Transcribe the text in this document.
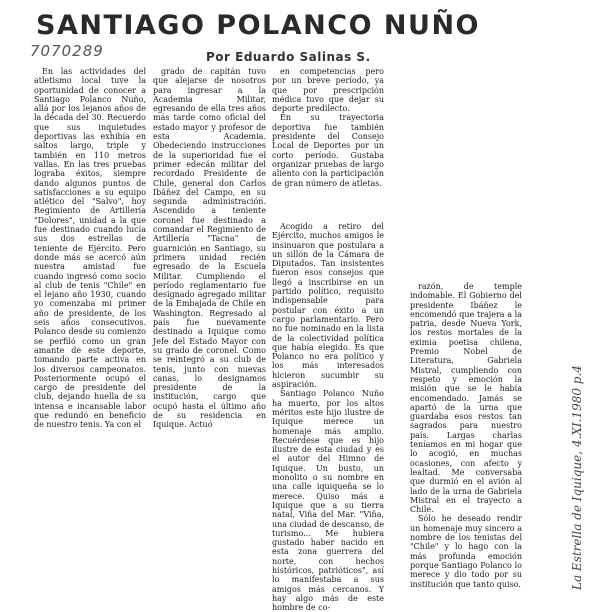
SANTIAGO POLANCO NUÑO
7070289	Por Eduardo Salinas S.

En las actividades del atletismo local tuve la oportunidad de conocer a Santiago Polanco Nuño, allá por los lejanos años de la década del 30. Recuerdo que sus inquietudes deportivas las exhibía en saltos largo, triple y también en 110 metros vallas. En las tres pruebas lograba éxitos, siempre dando algunos puntos de satisfacciones a su equipo atlético del "Salvo", hoy Regimiento de Artillería "Dolores", unidad a la que fue destinado cuando lucía sus dos estrellas de teniente de Ejército. Pero donde más se acercó aún nuestra amistad fue cuando ingresó como socio al club de tenis "Chile" en el lejano año 1930, cuando yo comenzaba mi primer año de presidente, de los seis años consecutivos. Polanco desde su comienzo se perfiló como un gran amante de este deporte, tomando parte activa en los diversos campeonatos. Posteriormente ocupó el cargo de presidente del club, dejando huella de su intensa e incansable labor que redundó en beneficio de nuestro tenis. Ya con el

grado de capitán tuvo que alejarse de nosotros para ingresar a la Academia Militar, egresando de ella tres años más tarde como oficial del estado mayor y profesor de esta Academia. Obedeciendo instrucciones de la superioridad fue el primer edecán militar del recordado Presidente de Chile, general don Carlos Ibáñez del Campo, en su segunda administración. Ascendido a teniente coronel fue destinado a comandar el Regimiento de Artillería "Tacna" de guarnición en Santiago, su primera unidad recién egresado de la Escuela Militar. Cumpliendo el período reglamentario fue designado agregado militar de la Embajada de Chile en Washington. Regresado al país fue nuevamente destinado a Iquique como Jefe del Estado Mayor con su grado de coronel. Como se reintegró a su club de tenis, junto con nuevas canas, lo designamos presidente de la institución, cargo que ocupó hasta el último año de su residencia en Iquique. Actuó

en competencias pero por un breve período, ya que por prescripción médica tuvo que dejar su deporte predilecto.

En su trayectoria deportiva fue también presidente del Consejo Local de Deportes por un corto período. Gustaba organizar pruebas de largo aliento con la participación de gran número de atletas.

Acogido a retiro del Ejército, muchos amigos le insinuaron que postulara a un sillón de la Cámara de Diputados. Tan insistentes fueron esos consejos que llegó a inscribirse en un partido político, requisito indispensable para postular con éxito a un cargo parlamentario. Pero no fue nominado en la lista de la colectividad política que había elegido. Es que Polanco no era político y los más interesados hicieron sucumbir su aspiración.

Santiago Polanco Nuño ha muerto, por los altos méritos este hijo ilustre de Iquique merece un homenaje más amplio. Recuérdese que es hijo ilustre de esta ciudad y es el autor del Himno de Iquique. Un busto, un monolito o su nombre en una calle iquiqueña se lo merece. Quiso más a Iquique que a su tierra natal, Viña del Mar. "Viña, una ciudad de descanso, de turismo... Me hubiera gustado haber nacido en esta zona guerrera del norte, con hechos históricos, patrióticos", así lo manifestaba a sus amigos más cercanos. Y hay algo más de este hombre de co-

razón, de temple indomable. El Gobierno del presidente Ibáñez le encomendó que trajera a la patria, desde Nueva York, los restos mortales de la eximia poetisa chilena, Premio Nobel de Literatura, Gabriela Mistral, cumpliendo con respeto y emoción la misión que se le había encomendado. Jamás se apartó de la urna que guardaba esos restos tan sagrados para nuestro país. Largas charlas teníamos en mi hogar que lo acogió, en muchas ocasiones, con afecto y lealtad. Me conversaba que durmió en el avión al lado de la urna de Gabriela Mistral en el trayecto a Chile.

Sólo he deseado rendir un homenaje muy sincero a nombre de los tenistas del "Chile" y lo hago con la más profunda emoción porque Santiago Polanco lo merece y dio todo por su institución que tanto quiso.	La Estrella de Iquique, 4.XI.1980 p.4
